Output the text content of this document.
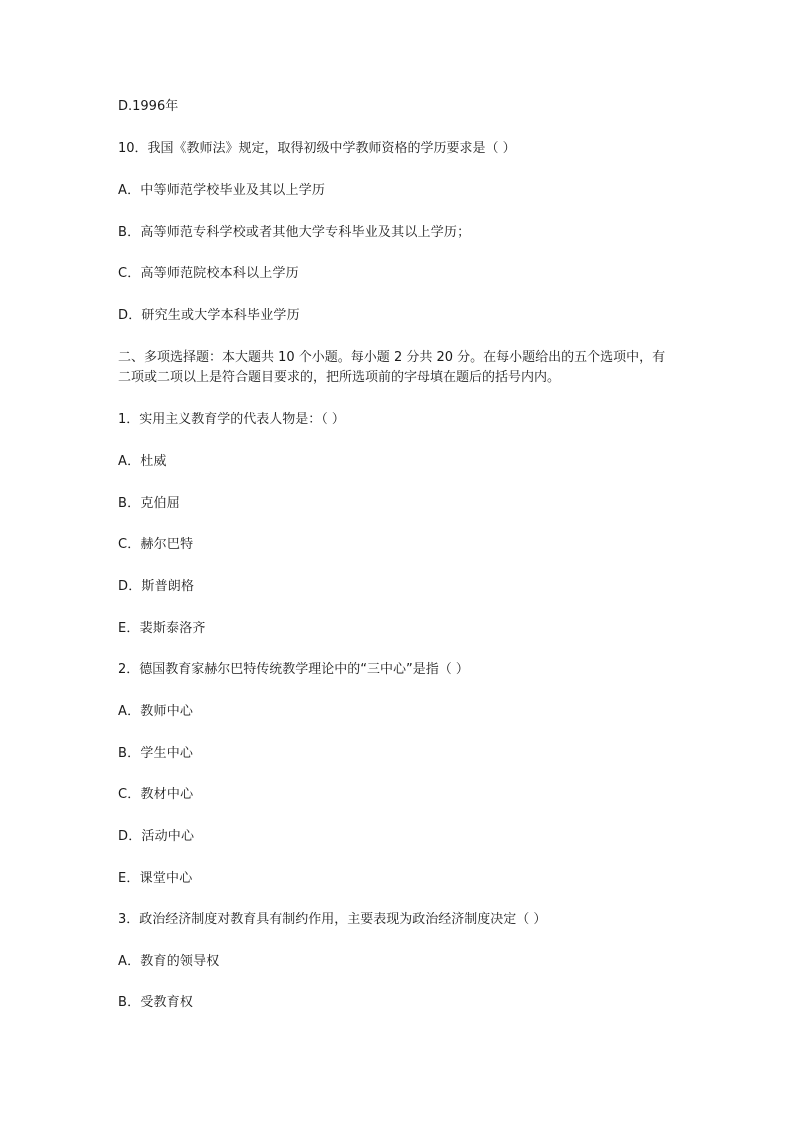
D.1996年
10．我国《教师法》规定，取得初级中学教师资格的学历要求是（ ）
A．中等师范学校毕业及其以上学历
B．高等师范专科学校或者其他大学专科毕业及其以上学历；
C．高等师范院校本科以上学历
D．研究生或大学本科毕业学历
二、多项选择题：本大题共 10 个小题。每小题 2 分共 20 分。在每小题给出的五个选项中，有二项或二项以上是符合题目要求的，把所选项前的字母填在题后的括号内内。
1．实用主义教育学的代表人物是：（ ）
A．杜威
B．克伯屈
C．赫尔巴特
D．斯普朗格
E．裴斯泰洛齐
2．德国教育家赫尔巴特传统教学理论中的“三中心”是指（ ）
A．教师中心
B．学生中心
C．教材中心
D．活动中心
E．课堂中心
3．政治经济制度对教育具有制约作用，主要表现为政治经济制度决定（ ）
A．教育的领导权
B．受教育权
